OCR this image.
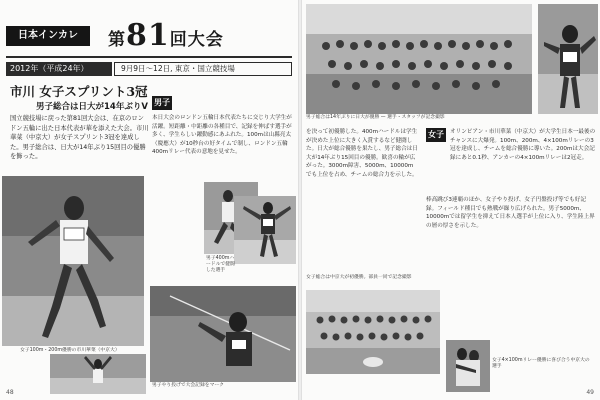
日本インカレ	第81回大会
2012年（平成24年）	9月9日～12日, 東京・国立競技場
市川 女子スプリント3冠
男子総合は日大が14年ぶりV
国立競技場に戻った第81回大会は、在京のロンドン五輪に出た日本代表が華を添えた大会。市川華菜（中京大）が女子スプリント3冠を達成した。男子総合は、日大が14年ぶり15回目の優勝を飾った。
男子
本日大会のロンドン五輪日本代表たちに交じり大学生が活躍。短距離・中距離の各種目で、記録を伸ばす選手が多く、学生らしい躍動感にあふれた。100mは山縣亮太（慶應大）が10秒台の好タイムで制し、ロンドン五輪400mリレー代表の意地を見せた。
女子100m・200m優勝の市川華菜（中京大）
男子400mハードルで健闘した選手
男子やり投げで大会記録をマーク
48
男子総合は14年ぶりに日大が優勝 — 選手・スタッフが記念撮影
を決って初優勝した。400mハードルは学生が決めた上位に大きく入賞するなど健闘した。日大が総合優勝を果たし、男子総合は日大が14年ぶり15回目の優勝。歓喜の輪が広がった。3000m障害、5000m、10000mでも上位を占め、チームの総合力を示した。
女子	オリンピアン・市川華菜（中京大）が大学生日本一最後のチャンスに大爆発。100m、200m、4×100mリレーの3冠を達成し、チームを総合優勝に導いた。200mは大会記録にあと0.1秒、アンカーの4×100mリレーは2冠走。
棒高跳び3連覇のほか、女子やり投げ、女子円盤投げ等でも好記録。フィールド種目でも熱戦が繰り広げられた。男子5000m、10000mでは留学生を抑えて日本人選手が上位に入り、学生陸上界の層の厚さを示した。
女子総合は中京大が初優勝。部員一同で記念撮影
女子4×100mリレー優勝に喜び合う中京大の選手
49
